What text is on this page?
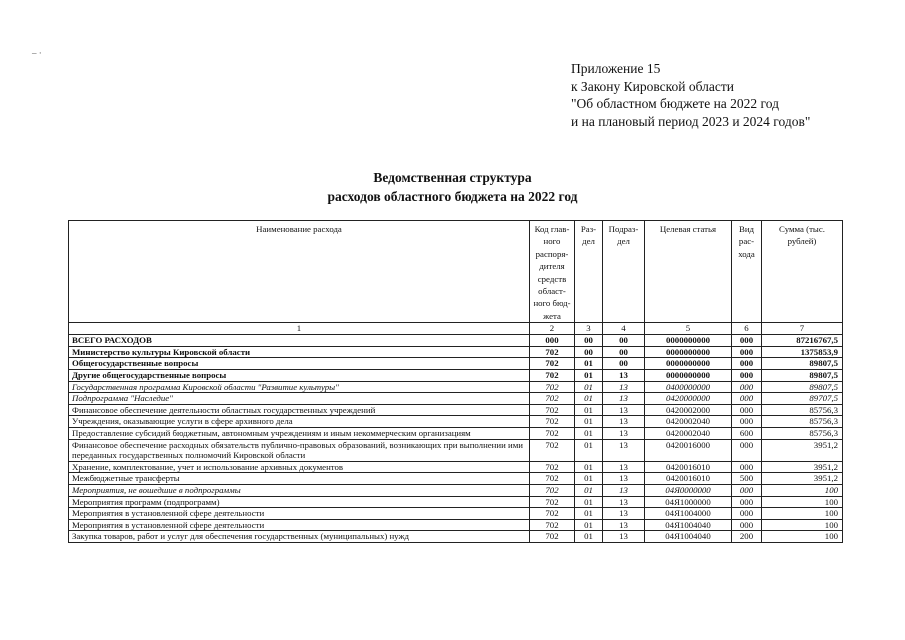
– ·
Приложение 15
к Закону Кировской области
"Об областном бюджете на 2022 год
и на плановый период 2023 и 2024 годов"
Ведомственная структура
расходов областного бюджета на 2022 год
Наименование расхода	Код глав-ного распоря-дителя средств област-ного бюд-жета	Раз-дел	Подраз-дел	Целевая статья	Вид рас-хода	Сумма (тыс. рублей)
1	2	3	4	5	6	7
ВСЕГО РАСХОДОВ	000	00	00	0000000000	000	87216767,5
Министерство культуры Кировской области	702	00	00	0000000000	000	1375853,9
Общегосударственные вопросы	702	01	00	0000000000	000	89807,5
Другие общегосударственные вопросы	702	01	13	0000000000	000	89807,5
Государственная программа Кировской области "Развитие культуры"	702	01	13	0400000000	000	89807,5
Подпрограмма "Наследие"	702	01	13	0420000000	000	89707,5
Финансовое обеспечение деятельности областных государственных учреждений	702	01	13	0420002000	000	85756,3
Учреждения, оказывающие услуги в сфере архивного дела	702	01	13	0420002040	000	85756,3
Предоставление субсидий бюджетным, автономным учреждениям и иным некоммерческим организациям	702	01	13	0420002040	600	85756,3
Финансовое обеспечение расходных обязательств публично-правовых образований, возникающих при выполнении ими переданных государственных полномочий Кировской области	702	01	13	0420016000	000	3951,2
Хранение, комплектование, учет и использование архивных документов	702	01	13	0420016010	000	3951,2
Межбюджетные трансферты	702	01	13	0420016010	500	3951,2
Мероприятия, не вошедшие в подпрограммы	702	01	13	04Я0000000	000	100
Мероприятия программ (подпрограмм)	702	01	13	04Я1000000	000	100
Мероприятия в установленной сфере деятельности	702	01	13	04Я1004000	000	100
Мероприятия в установленной сфере деятельности	702	01	13	04Я1004040	000	100
Закупка товаров, работ и услуг для обеспечения государственных (муниципальных) нужд	702	01	13	04Я1004040	200	100
